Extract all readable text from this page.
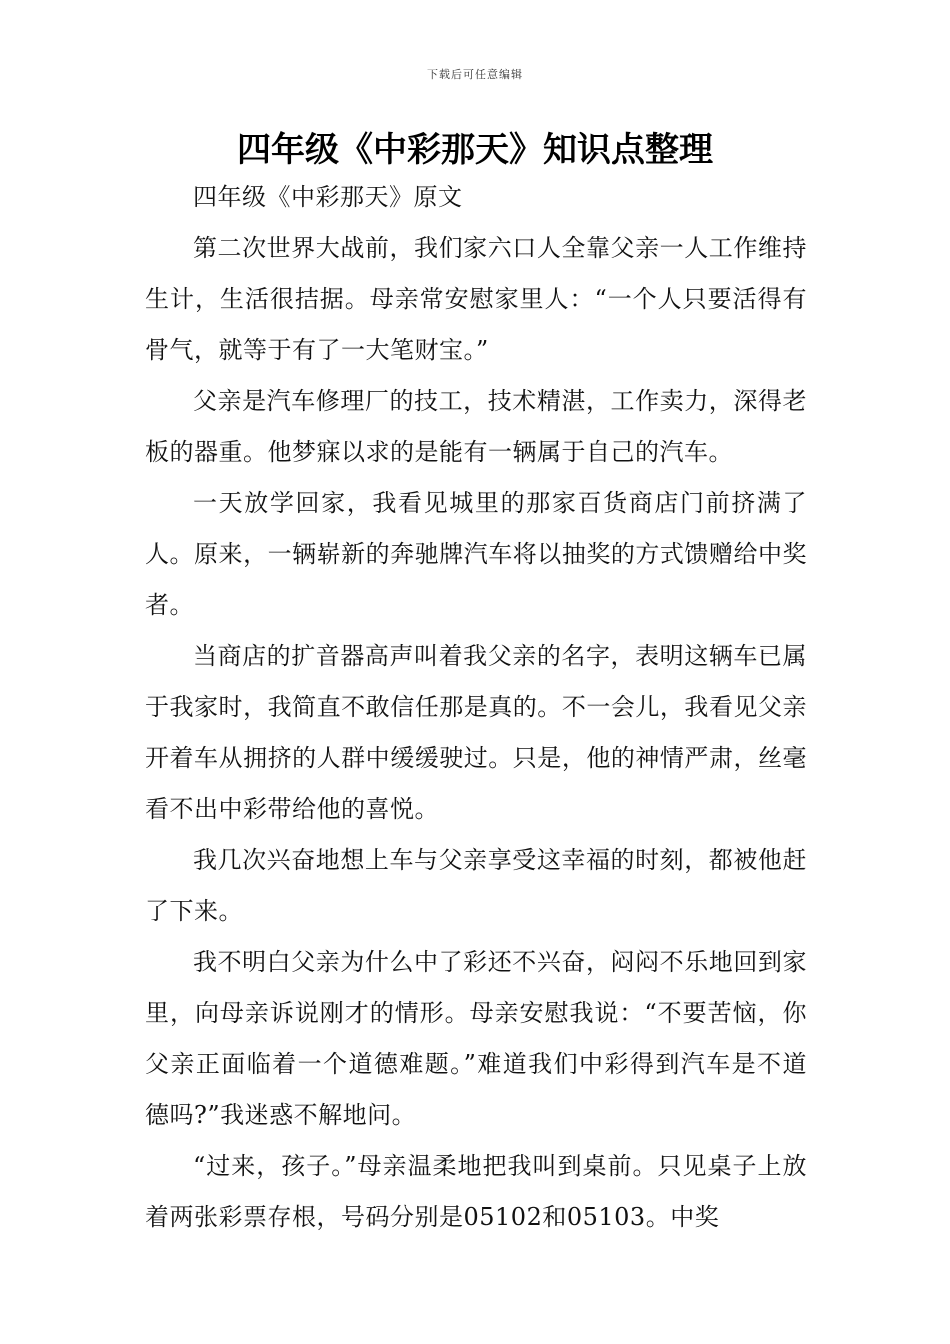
下载后可任意编辑
四年级《中彩那天》知识点整理

四年级《中彩那天》原文

第二次世界大战前，我们家六口人全靠父亲一人工作维持生计，生活很拮据。母亲常安慰家里人：“一个人只要活得有骨气，就等于有了一大笔财宝。”

父亲是汽车修理厂的技工，技术精湛，工作卖力，深得老板的器重。他梦寐以求的是能有一辆属于自己的汽车。

一天放学回家，我看见城里的那家百货商店门前挤满了人。原来，一辆崭新的奔驰牌汽车将以抽奖的方式馈赠给中奖者。

当商店的扩音器高声叫着我父亲的名字，表明这辆车已属于我家时，我简直不敢信任那是真的。不一会儿，我看见父亲开着车从拥挤的人群中缓缓驶过。只是，他的神情严肃，丝毫看不出中彩带给他的喜悦。

我几次兴奋地想上车与父亲享受这幸福的时刻，都被他赶了下来。

我不明白父亲为什么中了彩还不兴奋，闷闷不乐地回到家里，向母亲诉说刚才的情形。母亲安慰我说：“不要苦恼，你父亲正面临着一个道德难题。”难道我们中彩得到汽车是不道德吗?”我迷惑不解地问。

“过来，孩子。”母亲温柔地把我叫到桌前。只见桌子上放着两张彩票存根，号码分别是05102和05103。中奖
